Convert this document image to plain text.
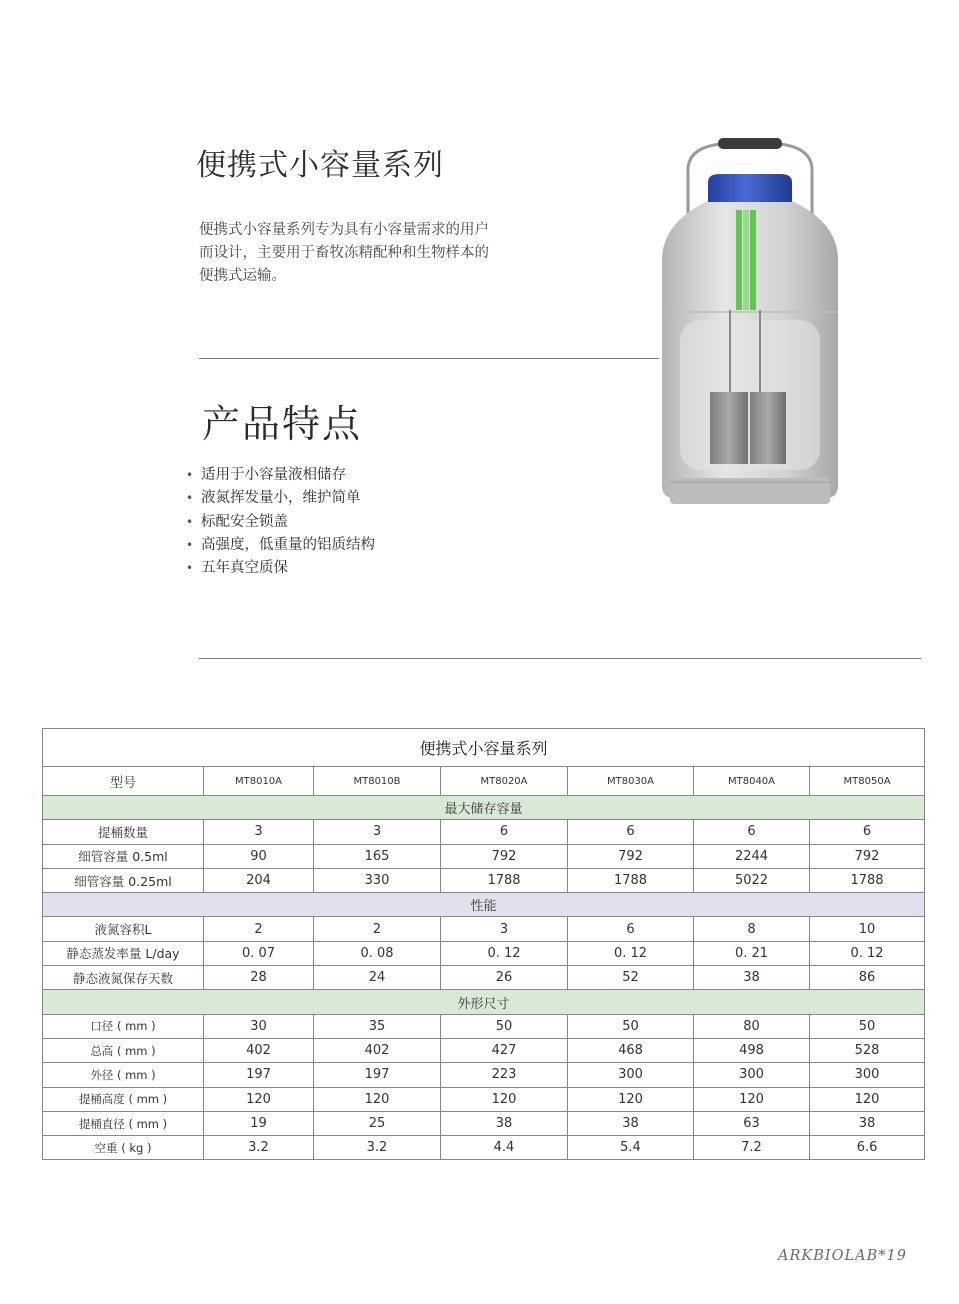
便携式小容量系列

便携式小容量系列专为具有小容量需求的用户而设计，主要用于畜牧冻精配种和生物样本的便携式运输。

产品特点
• 适用于小容量液相储存
• 液氮挥发量小，维护简单
• 标配安全锁盖
• 高强度，低重量的铝质结构
• 五年真空质保
便携式小容量系列						
型号	MT8010A	MT8010B	MT8020A	MT8030A	MT8040A	MT8050A
最大储存容量						
提桶数量	3	3	6	6	6	6
细管容量 0.5ml	90	165	792	792	2244	792
细管容量 0.25ml	204	330	1788	1788	5022	1788
性能						
液氮容积L	2	2	3	6	8	10
静态蒸发率量 L/day	0. 07	0. 08	0. 12	0. 12	0. 21	0. 12
静态液氮保存天数	28	24	26	52	38	86
外形尺寸						
口径 ( mm )	30	35	50	50	80	50
总高 ( mm )	402	402	427	468	498	528
外径 ( mm )	197	197	223	300	300	300
提桶高度 ( mm )	120	120	120	120	120	120
提桶直径 ( mm )	19	25	38	38	63	38
空重 ( kg )	3.2	3.2	4.4	5.4	7.2	6.6

ARKBIOLAB*19
